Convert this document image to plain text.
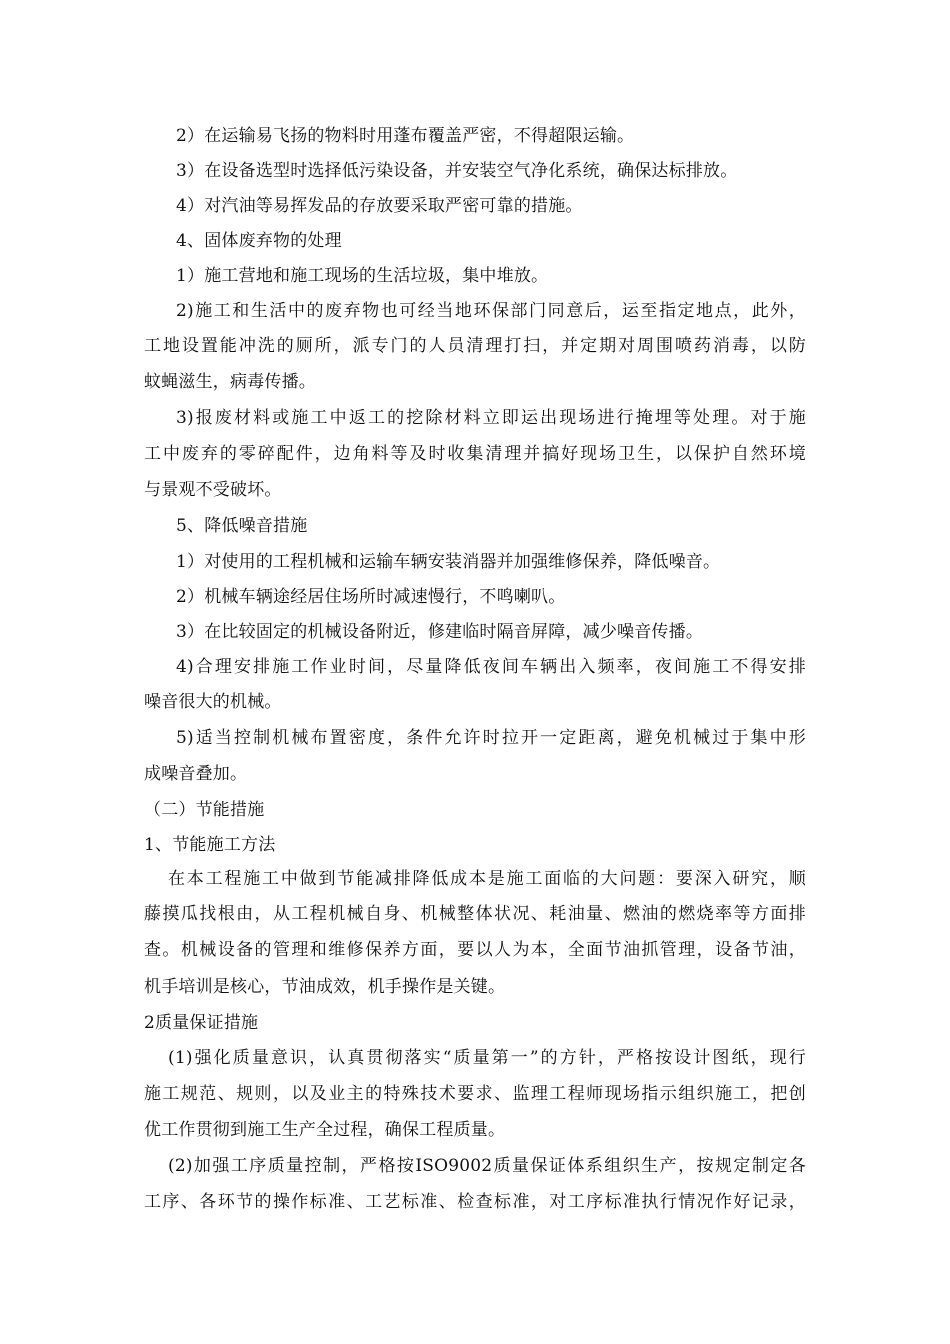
2）在运输易飞扬的物料时用蓬布覆盖严密，不得超限运输。
3）在设备选型时选择低污染设备，并安装空气净化系统，确保达标排放。
4）对汽油等易挥发品的存放要采取严密可靠的措施。
4、固体废弃物的处理
1）施工营地和施工现场的生活垃圾，集中堆放。
2)施工和生活中的废弃物也可经当地环保部门同意后，运至指定地点，此外，
工地设置能冲洗的厕所，派专门的人员清理打扫，并定期对周围喷药消毒，以防
蚊蝇滋生，病毒传播。
3)报废材料或施工中返工的挖除材料立即运出现场进行掩埋等处理。对于施
工中废弃的零碎配件，边角料等及时收集清理并搞好现场卫生，以保护自然环境
与景观不受破坏。
5、降低噪音措施
1）对使用的工程机械和运输车辆安装消器并加强维修保养，降低噪音。
2）机械车辆途经居住场所时减速慢行，不鸣喇叭。
3）在比较固定的机械设备附近，修建临时隔音屏障，减少噪音传播。
4)合理安排施工作业时间，尽量降低夜间车辆出入频率，夜间施工不得安排
噪音很大的机械。
5)适当控制机械布置密度，条件允许时拉开一定距离，避免机械过于集中形
成噪音叠加。
（二）节能措施
1、节能施工方法
在本工程施工中做到节能减排降低成本是施工面临的大问题：要深入研究，顺
藤摸瓜找根由，从工程机械自身、机械整体状况、耗油量、燃油的燃烧率等方面排
查。机械设备的管理和维修保养方面，要以人为本，全面节油抓管理，设备节油，
机手培训是核心，节油成效，机手操作是关键。
2质量保证措施
(1)强化质量意识，认真贯彻落实“质量第一”的方针，严格按设计图纸，现行
施工规范、规则，以及业主的特殊技术要求、监理工程师现场指示组织施工，把创
优工作贯彻到施工生产全过程，确保工程质量。
(2)加强工序质量控制，严格按ISO9002质量保证体系组织生产，按规定制定各
工序、各环节的操作标准、工艺标准、检查标准，对工序标准执行情况作好记录，
